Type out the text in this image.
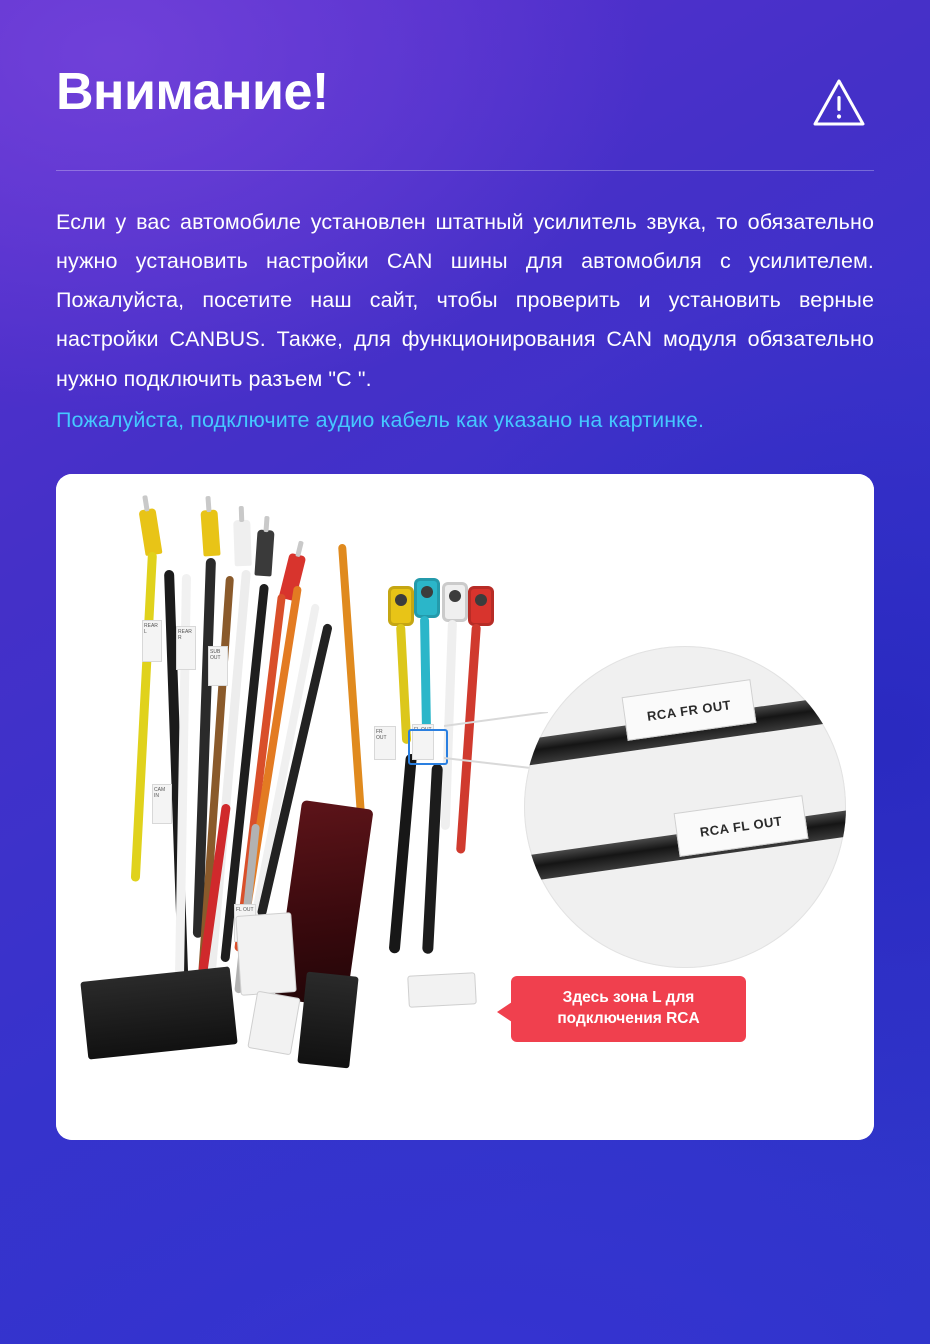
Внимание!

Если у вас автомобиле установлен штатный усилитель звука, то обязательно нужно установить настройки CAN шины для автомобиля с усилителем. Пожалуйста, посетите наш сайт, чтобы проверить и установить верные настройки CANBUS. Также, для функционирования CAN модуля обязательно нужно подключить разъем "C ".

Пожалуйста, подключите аудио кабель как указано на картинке.
REAR L	REAR R
SUB OUT
CAM IN
FL OUT
FR OUT
FL OUT
RCA FR OUT
RCA FL OUT
Здесь зона L для подключения RCA
